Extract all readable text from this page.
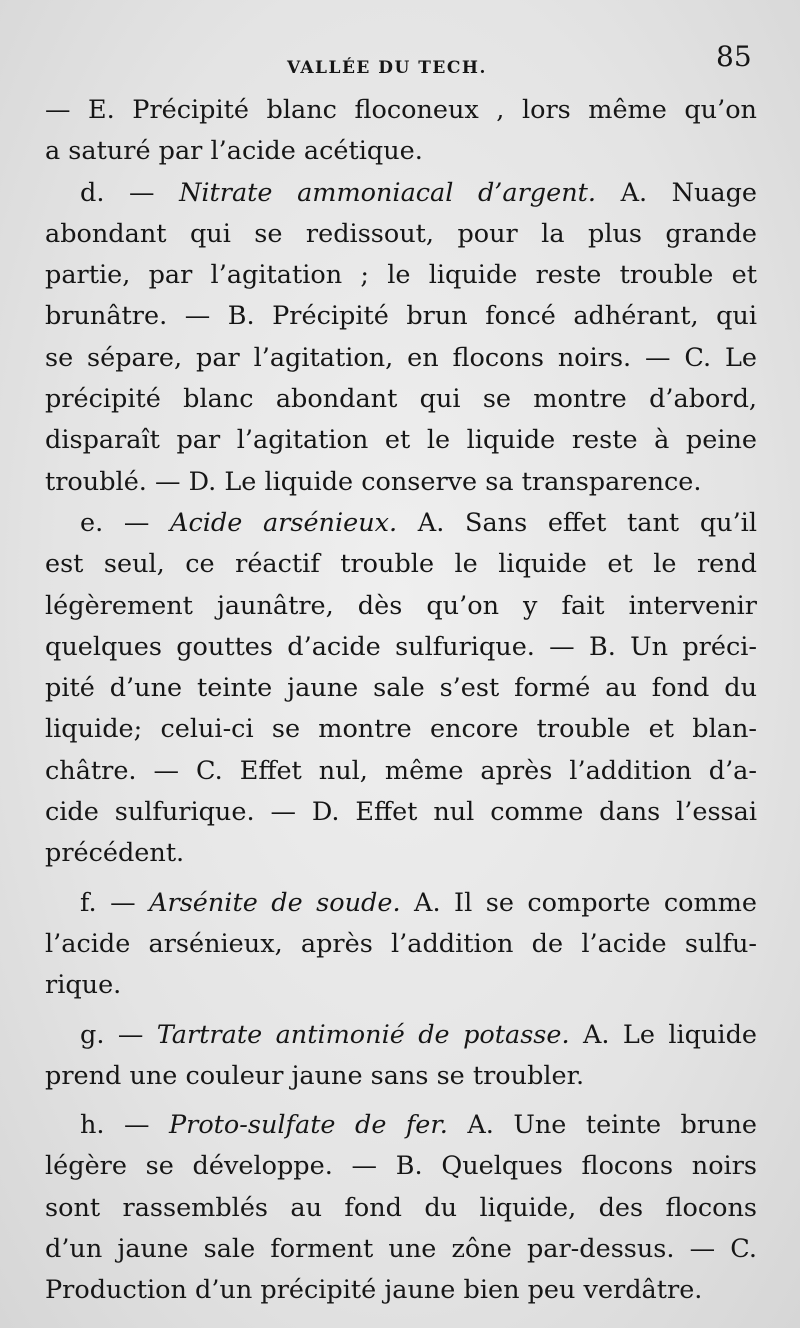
VALLÉE DU TECH.	85
— E. Précipité blanc floconeux , lors même qu’on
a saturé par l’acide acétique.
d. — Nitrate ammoniacal d’argent. A. Nuage
abondant qui se redissout, pour la plus grande
partie, par l’agitation ; le liquide reste trouble et
brunâtre. — B. Précipité brun foncé adhérant, qui
se sépare, par l’agitation, en flocons noirs. — C. Le
précipité blanc abondant qui se montre d’abord,
disparaît par l’agitation et le liquide reste à peine
troublé. — D. Le liquide conserve sa transparence.
e. — Acide arsénieux. A. Sans effet tant qu’il
est seul, ce réactif trouble le liquide et le rend
légèrement jaunâtre, dès qu’on y fait intervenir
quelques gouttes d’acide sulfurique. — B. Un préci-
pité d’une teinte jaune sale s’est formé au fond du
liquide; celui-ci se montre encore trouble et blan-
châtre. — C. Effet nul, même après l’addition d’a-
cide sulfurique. — D. Effet nul comme dans l’essai
précédent.
f. — Arsénite de soude. A. Il se comporte comme
l’acide arsénieux, après l’addition de l’acide sulfu-
rique.
g. — Tartrate antimonié de potasse. A. Le liquide
prend une couleur jaune sans se troubler.
h. — Proto-sulfate de fer. A. Une teinte brune
légère se développe. — B. Quelques flocons noirs
sont rassemblés au fond du liquide, des flocons
d’un jaune sale forment une zône par-dessus. — C.
Production d’un précipité jaune bien peu verdâtre.
